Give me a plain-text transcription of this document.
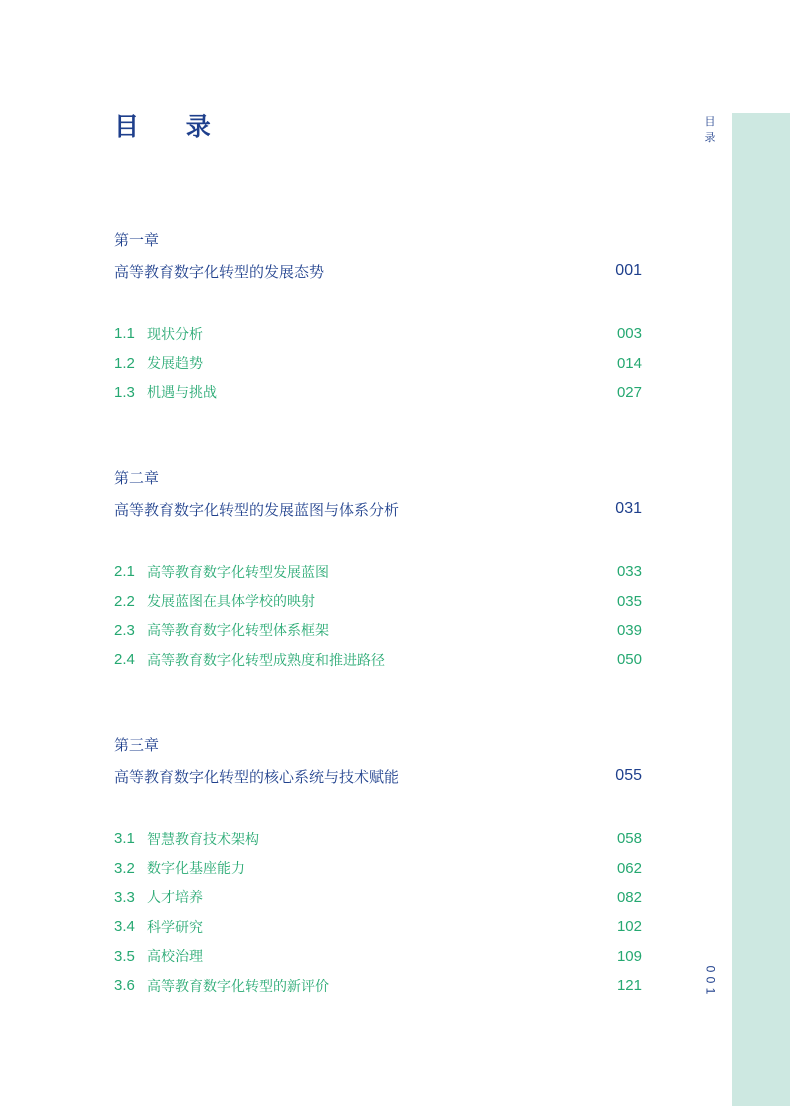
目
录
0
0
1
目 录
第一章
高等教育数字化转型的发展态势	001
1.1 现状分析	003
1.2 发展趋势	014
1.3 机遇与挑战	027
第二章
高等教育数字化转型的发展蓝图与体系分析	031
2.1 高等教育数字化转型发展蓝图	033
2.2 发展蓝图在具体学校的映射	035
2.3 高等教育数字化转型体系框架	039
2.4 高等教育数字化转型成熟度和推进路径	050
第三章
高等教育数字化转型的核心系统与技术赋能	055
3.1 智慧教育技术架构	058
3.2 数字化基座能力	062
3.3 人才培养	082
3.4 科学研究	102
3.5 高校治理	109
3.6 高等教育数字化转型的新评价	121
